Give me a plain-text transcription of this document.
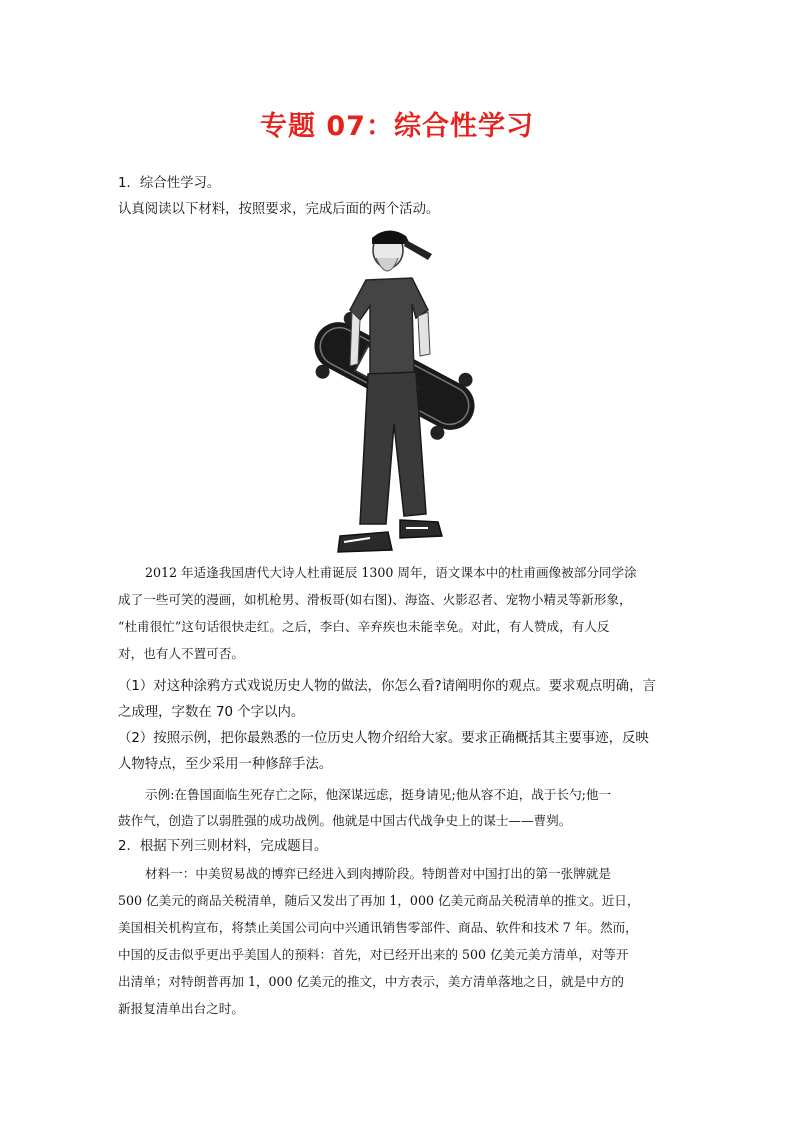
专题 07：综合性学习
1．综合性学习。
认真阅读以下材料，按照要求，完成后面的两个活动。
2012 年适逢我国唐代大诗人杜甫诞辰 1300 周年，语文课本中的杜甫画像被部分同学涂
成了一些可笑的漫画，如机枪男、滑板哥(如右图)、海盗、火影忍者、宠物小精灵等新形象，
“杜甫很忙”这句话很快走红。之后，李白、辛弃疾也未能幸免。对此，有人赞成，有人反
对，也有人不置可否。
（1）对这种涂鸦方式戏说历史人物的做法，你怎么看?请阐明你的观点。要求观点明确，言
之成理，字数在 70 个字以内。
（2）按照示例，把你最熟悉的一位历史人物介绍给大家。要求正确概括其主要事迹，反映
人物特点，至少采用一种修辞手法。
示例:在鲁国面临生死存亡之际，他深谋远虑，挺身请见;他从容不迫，战于长勺;他一
鼓作气，创造了以弱胜强的成功战例。他就是中国古代战争史上的谋士——曹刿。
2．根据下列三则材料，完成题目。
材料一：中美贸易战的博弈已经进入到肉搏阶段。特朗普对中国打出的第一张牌就是
500 亿美元的商品关税清单，随后又发出了再加 1，000 亿美元商品关税清单的推文。近日，
美国相关机构宣布，将禁止美国公司向中兴通讯销售零部件、商品、软件和技术 7 年。然而，
中国的反击似乎更出乎美国人的预料：首先，对已经开出来的 500 亿美元美方清单，对等开
出清单；对特朗普再加 1，000 亿美元的推文，中方表示，美方清单落地之日，就是中方的
新报复清单出台之时。
